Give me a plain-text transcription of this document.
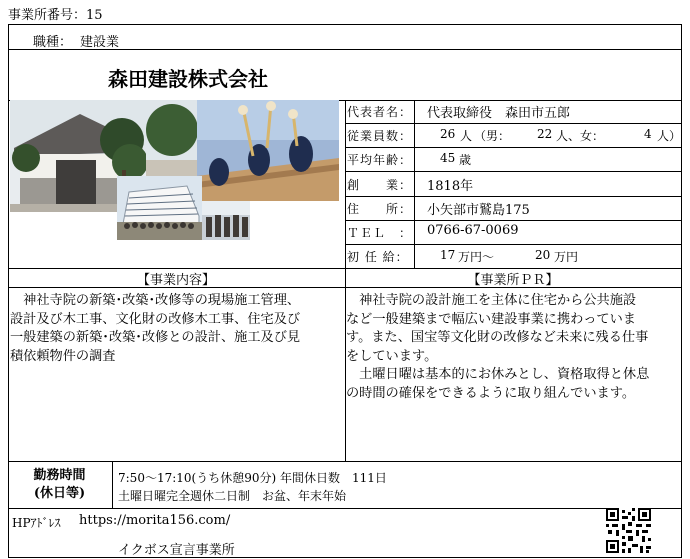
事業所番号：15
職種： 建設業
森田建設株式会社
代表者名： 代表取締役　森田市五郎
従業員数： 26 人 （男： 22 人、女：	4 人）
平均年齢： 45 歳
創　　業： 1818年
住　　所： 小矢部市鷲島175
ＴＥＬ　： 0766-67-0069
初 任 給：	17 万円～	20 万円
【事業内容】	【事業所ＰＲ】
　神社寺院の新築･改築･改修等の現場施工管理、
設計及び木工事、文化財の改修木工事、住宅及び
一般建築の新築･改築･改修との設計、施工及び見
積依頼物件の調査
　神社寺院の設計施工を主体に住宅から公共施設
など一般建築まで幅広い建設事業に携わっていま
す。また、国宝等文化財の改修など未来に残る仕事
をしています。
　土曜日曜は基本的にお休みとし、資格取得と休息
の時間の確保をできるように取り組んでいます。
勤務時間
(休日等)
7:50～17:10(うち休憩90分) 年間休日数　111日
土曜日曜完全週休二日制　お盆、年末年始
HPｱﾄﾞﾚｽ https://morita156.com/
イクボス宣言事業所
